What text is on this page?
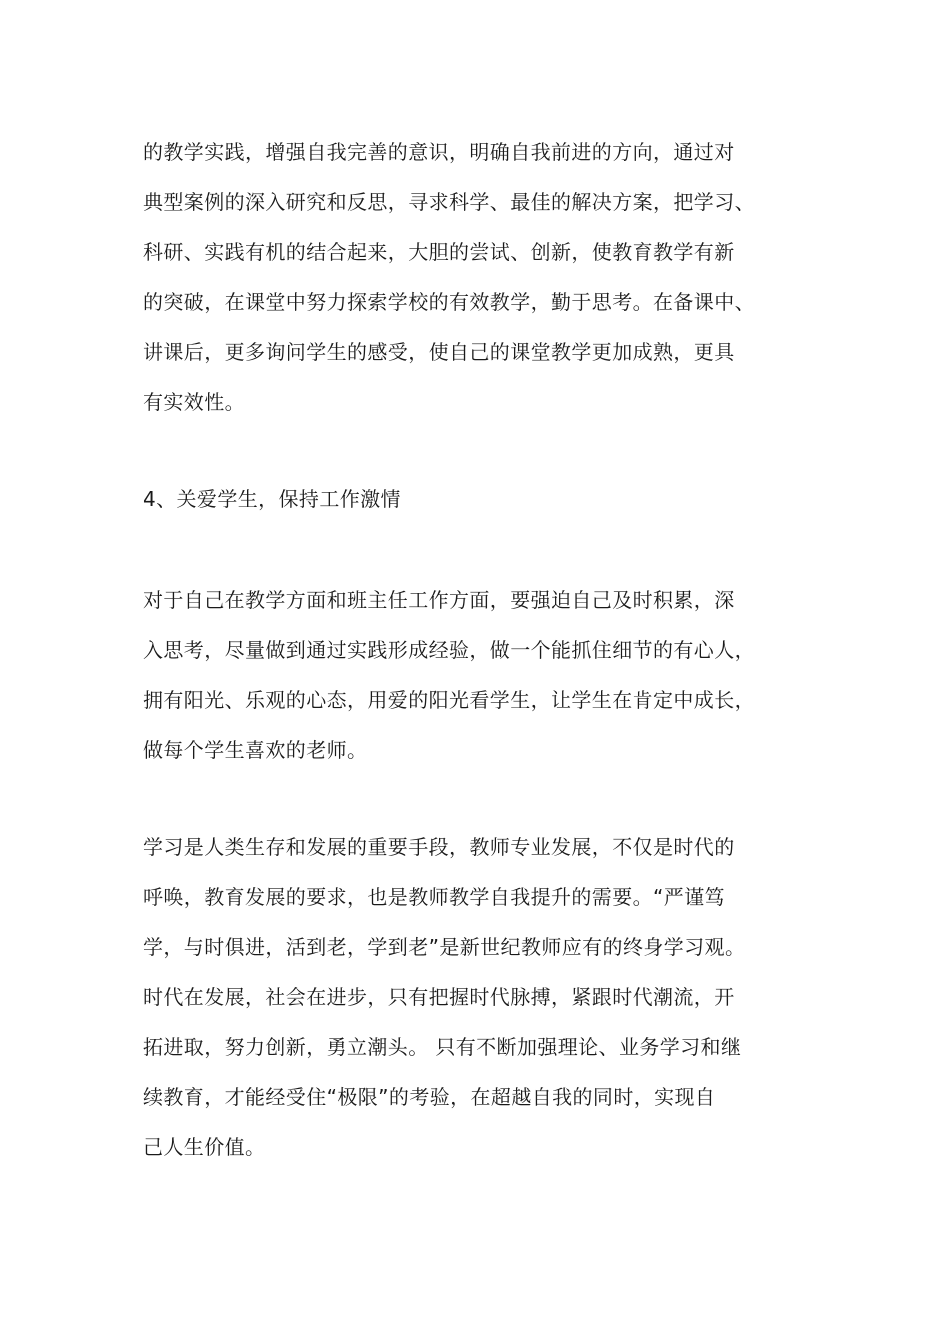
的教学实践，增强自我完善的意识，明确自我前进的方向，通过对
典型案例的深入研究和反思，寻求科学、最佳的解决方案，把学习、
科研、实践有机的结合起来，大胆的尝试、创新，使教育教学有新
的突破，在课堂中努力探索学校的有效教学，勤于思考。在备课中、
讲课后，更多询问学生的感受，使自己的课堂教学更加成熟，更具
有实效性。
4、关爱学生，保持工作激情
对于自己在教学方面和班主任工作方面，要强迫自己及时积累，深
入思考，尽量做到通过实践形成经验，做一个能抓住细节的有心人，
拥有阳光、乐观的心态，用爱的阳光看学生，让学生在肯定中成长，
做每个学生喜欢的老师。
学习是人类生存和发展的重要手段，教师专业发展，不仅是时代的
呼唤，教育发展的要求，也是教师教学自我提升的需要。“严谨笃
学，与时俱进，活到老，学到老”是新世纪教师应有的终身学习观。
时代在发展，社会在进步，只有把握时代脉搏，紧跟时代潮流，开
拓进取，努力创新，勇立潮头。 只有不断加强理论、业务学习和继
续教育，才能经受住“极限”的考验，在超越自我的同时，实现自
己人生价值。
